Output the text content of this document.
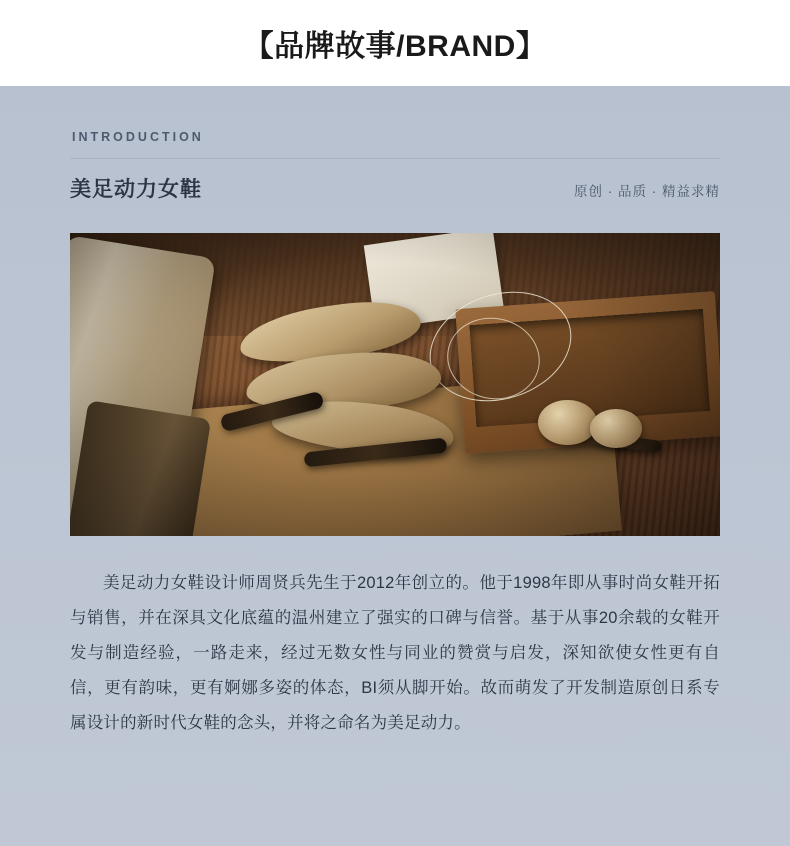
【品牌故事/BRAND】
INTRODUCTION
美足动力女鞋	原创 · 品质 · 精益求精
美足动力女鞋设计师周贤兵先生于2012年创立的。他于1998年即从事时尚女鞋开拓与销售，并在深具文化底蕴的温州建立了强实的口碑与信誉。基于从事20余载的女鞋开发与制造经验，一路走来，经过无数女性与同业的赞赏与启发，深知欲使女性更有自信，更有韵味，更有婀娜多姿的体态，BI须从脚开始。故而萌发了开发制造原创日系专属设计的新时代女鞋的念头，并将之命名为美足动力。
